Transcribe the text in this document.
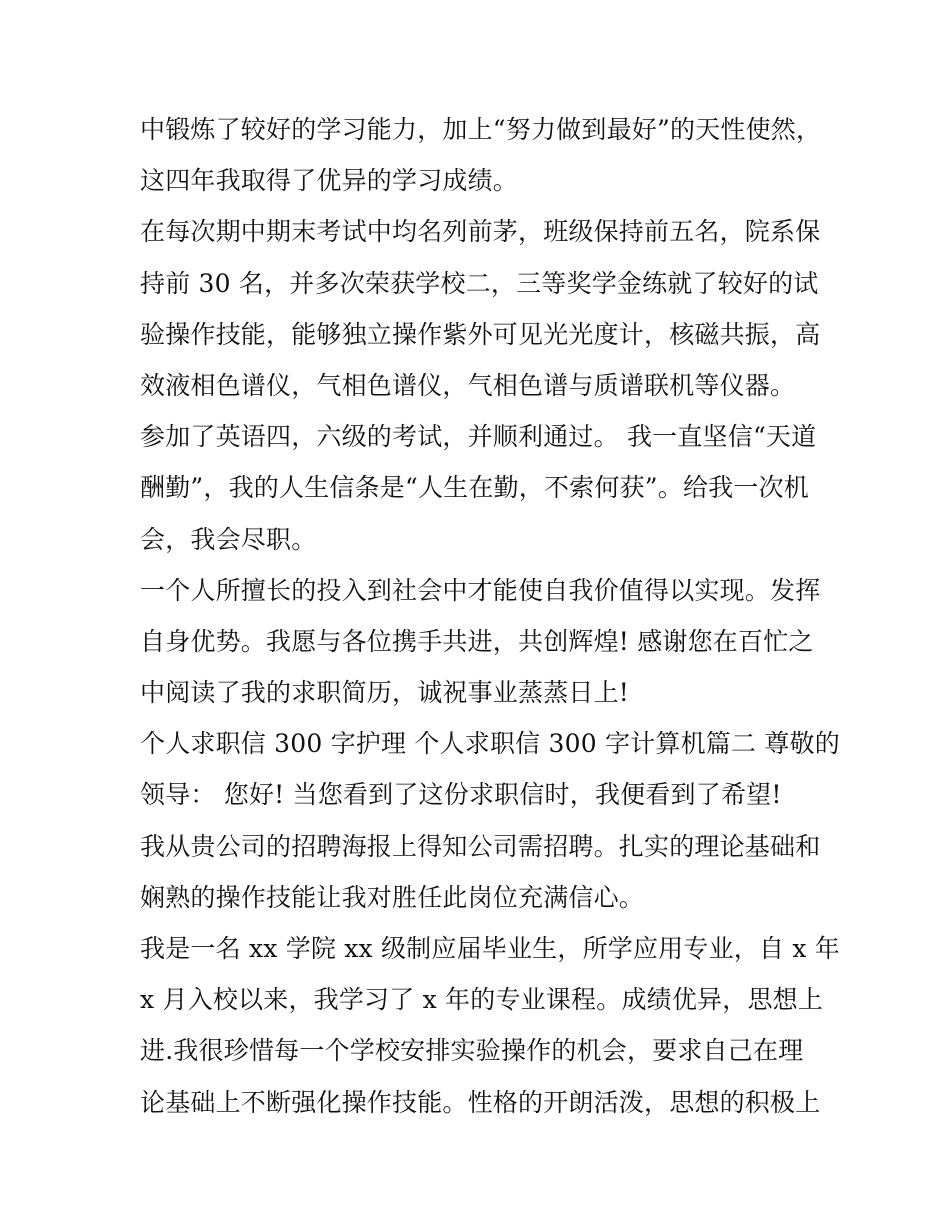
中锻炼了较好的学习能力，加上“努力做到最好”的天性使然，
这四年我取得了优异的学习成绩。
在每次期中期末考试中均名列前茅，班级保持前五名，院系保
持前 30 名，并多次荣获学校二，三等奖学金练就了较好的试
验操作技能，能够独立操作紫外可见光光度计，核磁共振，高
效液相色谱仪，气相色谱仪，气相色谱与质谱联机等仪器。
参加了英语四，六级的考试，并顺利通过。 我一直坚信“天道
酬勤”，我的人生信条是“人生在勤，不索何获”。给我一次机
会，我会尽职。
一个人所擅长的投入到社会中才能使自我价值得以实现。发挥
自身优势。我愿与各位携手共进，共创辉煌! 感谢您在百忙之
中阅读了我的求职简历，诚祝事业蒸蒸日上!
个人求职信 300 字护理 个人求职信 300 字计算机篇二 尊敬的
领导： 您好! 当您看到了这份求职信时，我便看到了希望!
我从贵公司的招聘海报上得知公司需招聘。扎实的理论基础和
娴熟的操作技能让我对胜任此岗位充满信心。
我是一名 xx 学院 xx 级制应届毕业生，所学应用专业，自 x 年
x 月入校以来，我学习了 x 年的专业课程。成绩优异，思想上
进.我很珍惜每一个学校安排实验操作的机会，要求自己在理
论基础上不断强化操作技能。性格的开朗活泼，思想的积极上
